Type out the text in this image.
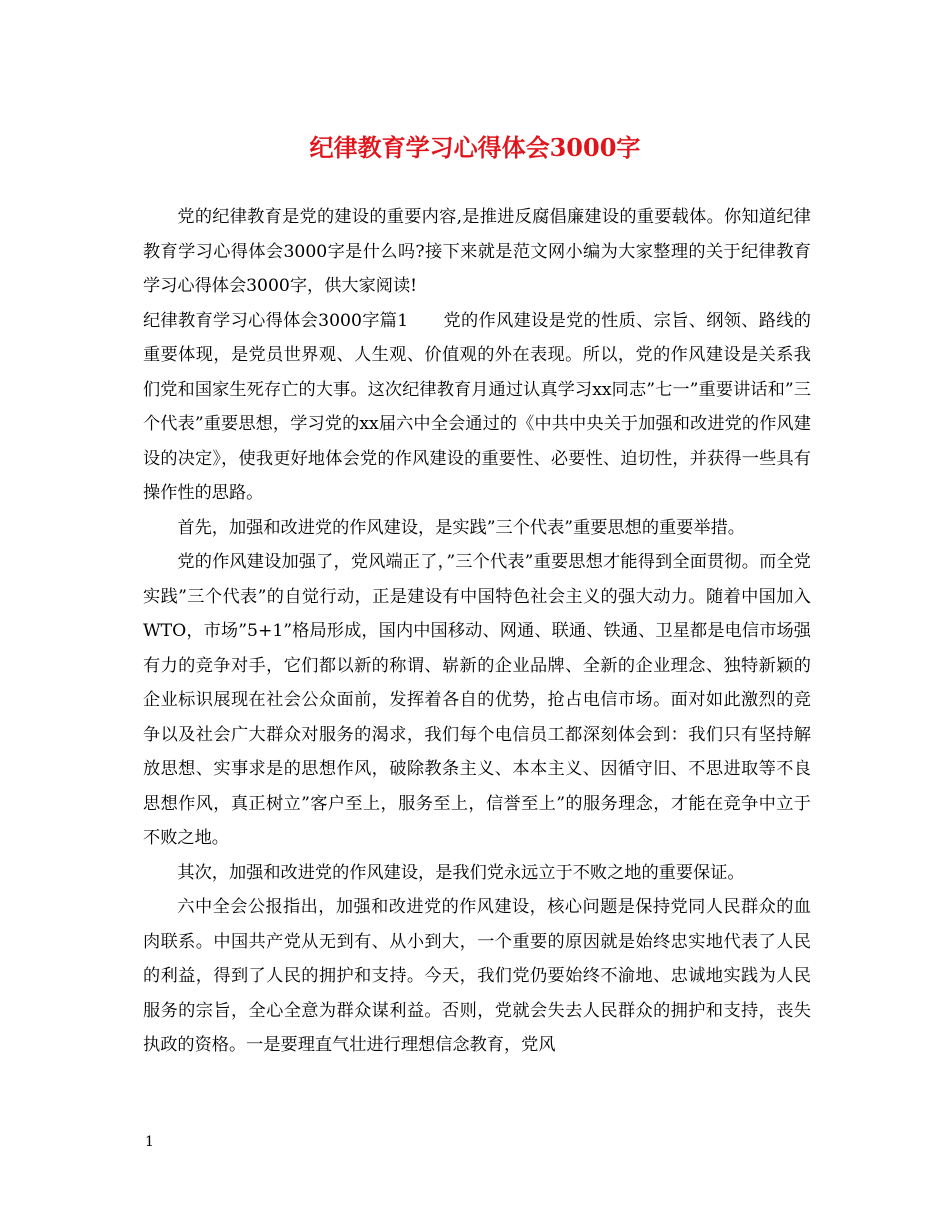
纪律教育学习心得体会3000字

党的纪律教育是党的建设的重要内容,是推进反腐倡廉建设的重要载体。你知道纪律教育学习心得体会3000字是什么吗?接下来就是范文网小编为大家整理的关于纪律教育学习心得体会3000字，供大家阅读!

纪律教育学习心得体会3000字篇1　　党的作风建设是党的性质、宗旨、纲领、路线的重要体现，是党员世界观、人生观、价值观的外在表现。所以，党的作风建设是关系我们党和国家生死存亡的大事。这次纪律教育月通过认真学习xx同志”七一”重要讲话和”三个代表”重要思想，学习党的xx届六中全会通过的《中共中央关于加强和改进党的作风建设的决定》，使我更好地体会党的作风建设的重要性、必要性、迫切性，并获得一些具有操作性的思路。

首先，加强和改进党的作风建设，是实践”三个代表”重要思想的重要举措。

党的作风建设加强了，党风端正了，”三个代表”重要思想才能得到全面贯彻。而全党实践”三个代表”的自觉行动，正是建设有中国特色社会主义的强大动力。随着中国加入WTO，市场”5+1”格局形成，国内中国移动、网通、联通、铁通、卫星都是电信市场强有力的竞争对手，它们都以新的称谓、崭新的企业品牌、全新的企业理念、独特新颖的企业标识展现在社会公众面前，发挥着各自的优势，抢占电信市场。面对如此激烈的竞争以及社会广大群众对服务的渴求，我们每个电信员工都深刻体会到：我们只有坚持解放思想、实事求是的思想作风，破除教条主义、本本主义、因循守旧、不思进取等不良思想作风，真正树立”客户至上，服务至上，信誉至上”的服务理念，才能在竞争中立于不败之地。

其次，加强和改进党的作风建设，是我们党永远立于不败之地的重要保证。

六中全会公报指出，加强和改进党的作风建设，核心问题是保持党同人民群众的血肉联系。中国共产党从无到有、从小到大，一个重要的原因就是始终忠实地代表了人民的利益，得到了人民的拥护和支持。今天，我们党仍要始终不渝地、忠诚地实践为人民服务的宗旨，全心全意为群众谋利益。否则，党就会失去人民群众的拥护和支持，丧失执政的资格。一是要理直气壮进行理想信念教育，党风

1
